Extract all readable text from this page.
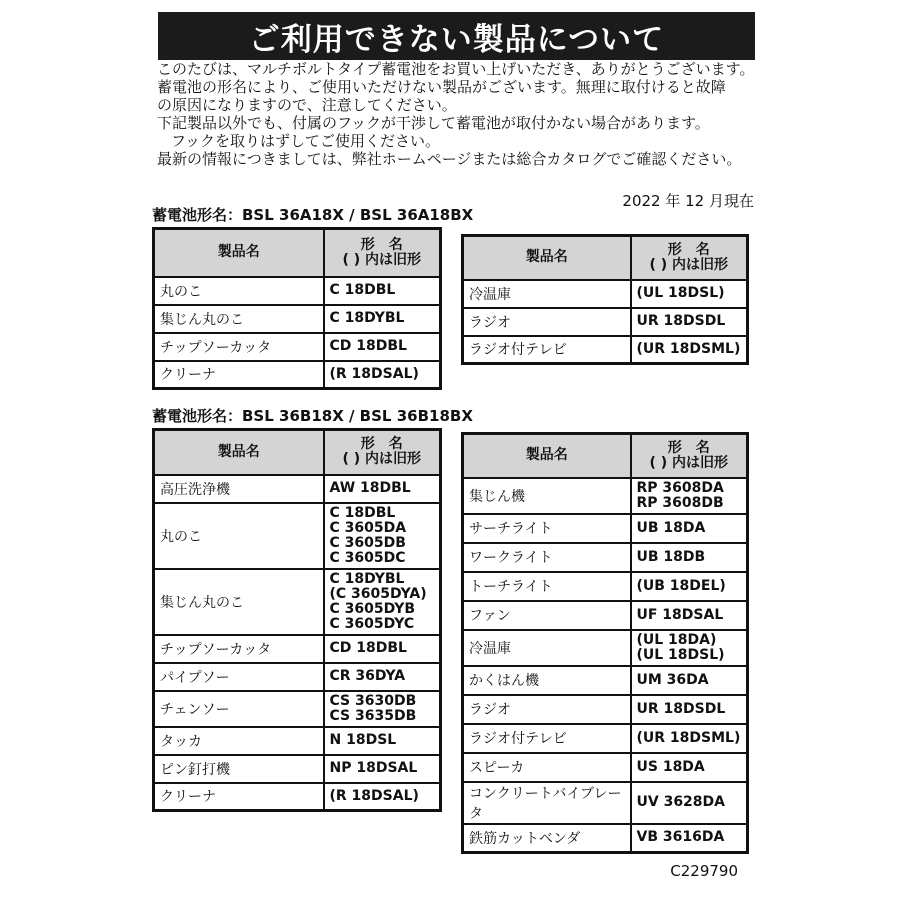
ご利用できない製品について

このたびは、マルチボルトタイプ蓄電池をお買い上げいただき、ありがとうございます。

蓄電池の形名により、ご使用いただけない製品がございます。無理に取付けると故障

の原因になりますので、注意してください。

下記製品以外でも、付属のフックが干渉して蓄電池が取付かない場合があります。

フックを取りはずしてご使用ください。

最新の情報につきましては、弊社ホームページまたは総合カタログでご確認ください。

2022 年 12 月現在
蓄電池形名：BSL 36A18X / BSL 36A18BX
製品名	形　名
( ) 内は旧形

丸のこ	C 18DBL

集じん丸のこ	C 18DYBL

チップソーカッタ	CD 18DBL

クリーナ	(R 18DSAL)
製品名	形　名
( ) 内は旧形

冷温庫	(UL 18DSL)

ラジオ	UR 18DSDL

ラジオ付テレビ	(UR 18DSML)
蓄電池形名：BSL 36B18X / BSL 36B18BX
製品名	形　名
( ) 内は旧形

高圧洗浄機	AW 18DBL

丸のこ	C 18DBL
C 3605DA
C 3605DB
C 3605DC

集じん丸のこ	C 18DYBL
(C 3605DYA)
C 3605DYB
C 3605DYC

チップソーカッタ	CD 18DBL

パイプソー	CR 36DYA

チェンソー	CS 3630DB
CS 3635DB

タッカ	N 18DSL

ピン釘打機	NP 18DSAL

クリーナ	(R 18DSAL)
製品名	形　名
( ) 内は旧形

集じん機	RP 3608DA
RP 3608DB

サーチライト	UB 18DA

ワークライト	UB 18DB

トーチライト	(UB 18DEL)

ファン	UF 18DSAL

冷温庫	(UL 18DA)
(UL 18DSL)

かくはん機	UM 36DA

ラジオ	UR 18DSDL

ラジオ付テレビ	(UR 18DSML)

スピーカ	US 18DA

コンクリートバイブレータ	UV 3628DA

鉄筋カットベンダ	VB 3616DA
C229790
